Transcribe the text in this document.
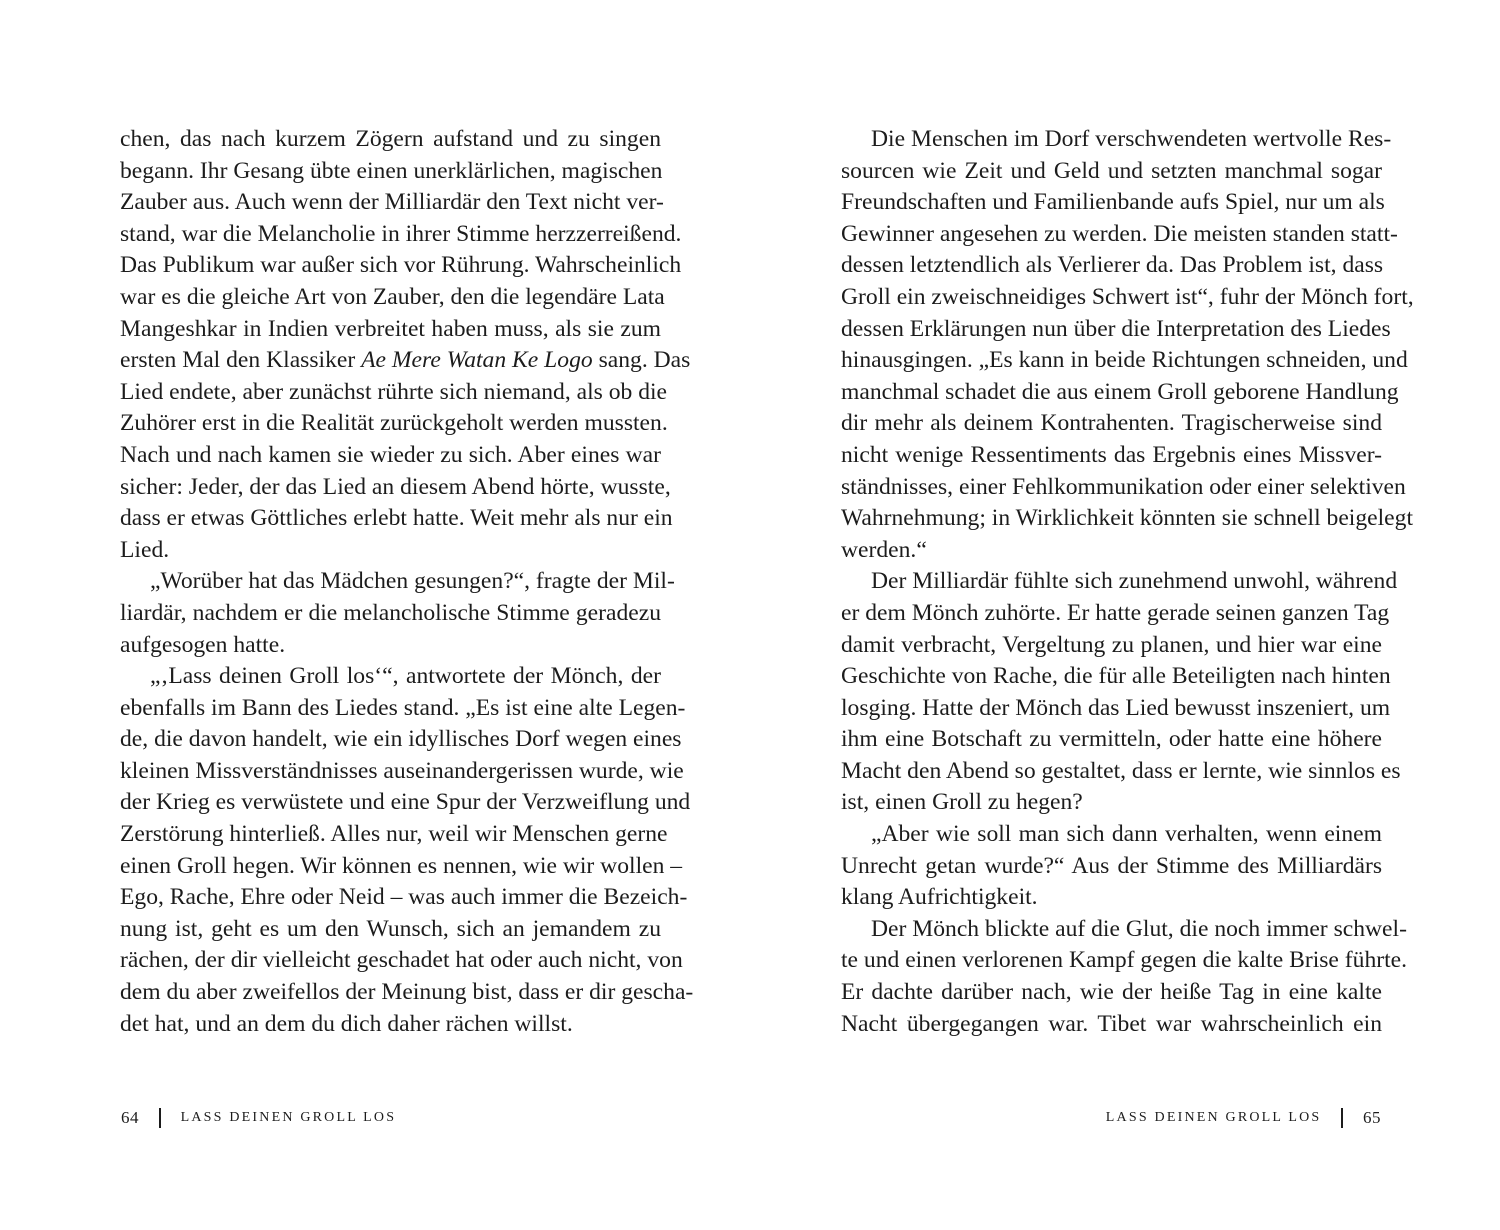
chen, das nach kurzem Zögern aufstand und zu singen
begann. Ihr Gesang übte einen unerklärlichen, magischen
Zauber aus. Auch wenn der Milliardär den Text nicht ver-
stand, war die Melancholie in ihrer Stimme herzzerreißend.
Das Publikum war außer sich vor Rührung. Wahrscheinlich
war es die gleiche Art von Zauber, den die legendäre Lata
Mangeshkar in Indien verbreitet haben muss, als sie zum
ersten Mal den Klassiker Ae Mere Watan Ke Logo sang. Das
Lied endete, aber zunächst rührte sich niemand, als ob die
Zuhörer erst in die Realität zurückgeholt werden mussten.
Nach und nach kamen sie wieder zu sich. Aber eines war
sicher: Jeder, der das Lied an diesem Abend hörte, wusste,
dass er etwas Göttliches erlebt hatte. Weit mehr als nur ein
Lied.
„Worüber hat das Mädchen gesungen?“, fragte der Mil-
liardär, nachdem er die melancholische Stimme geradezu
aufgesogen hatte.
„‚Lass deinen Groll los‘“, antwortete der Mönch, der
ebenfalls im Bann des Liedes stand. „Es ist eine alte Legen-
de, die davon handelt, wie ein idyllisches Dorf wegen eines
kleinen Missverständnisses auseinandergerissen wurde, wie
der Krieg es verwüstete und eine Spur der Verzweiflung und
Zerstörung hinterließ. Alles nur, weil wir Menschen gerne
einen Groll hegen. Wir können es nennen, wie wir wollen –
Ego, Rache, Ehre oder Neid – was auch immer die Bezeich-
nung ist, geht es um den Wunsch, sich an jemandem zu
rächen, der dir vielleicht geschadet hat oder auch nicht, von
dem du aber zweifellos der Meinung bist, dass er dir gescha-
det hat, und an dem du dich daher rächen willst.
Die Menschen im Dorf verschwendeten wertvolle Res-
sourcen wie Zeit und Geld und setzten manchmal sogar
Freundschaften und Familienbande aufs Spiel, nur um als
Gewinner angesehen zu werden. Die meisten standen statt-
dessen letztendlich als Verlierer da. Das Problem ist, dass
Groll ein zweischneidiges Schwert ist“, fuhr der Mönch fort,
dessen Erklärungen nun über die Interpretation des Liedes
hinausgingen. „Es kann in beide Richtungen schneiden, und
manchmal schadet die aus einem Groll geborene Handlung
dir mehr als deinem Kontrahenten. Tragischerweise sind
nicht wenige Ressentiments das Ergebnis eines Missver-
ständnisses, einer Fehlkommunikation oder einer selektiven
Wahrnehmung; in Wirklichkeit könnten sie schnell beigelegt
werden.“
Der Milliardär fühlte sich zunehmend unwohl, während
er dem Mönch zuhörte. Er hatte gerade seinen ganzen Tag
damit verbracht, Vergeltung zu planen, und hier war eine
Geschichte von Rache, die für alle Beteiligten nach hinten
losging. Hatte der Mönch das Lied bewusst inszeniert, um
ihm eine Botschaft zu vermitteln, oder hatte eine höhere
Macht den Abend so gestaltet, dass er lernte, wie sinnlos es
ist, einen Groll zu hegen?
„Aber wie soll man sich dann verhalten, wenn einem
Unrecht getan wurde?“ Aus der Stimme des Milliardärs
klang Aufrichtigkeit.
Der Mönch blickte auf die Glut, die noch immer schwel-
te und einen verlorenen Kampf gegen die kalte Brise führte.
Er dachte darüber nach, wie der heiße Tag in eine kalte
Nacht übergegangen war. Tibet war wahrscheinlich ein
64	LASS DEINEN GROLL LOS	LASS DEINEN GROLL LOS 65
